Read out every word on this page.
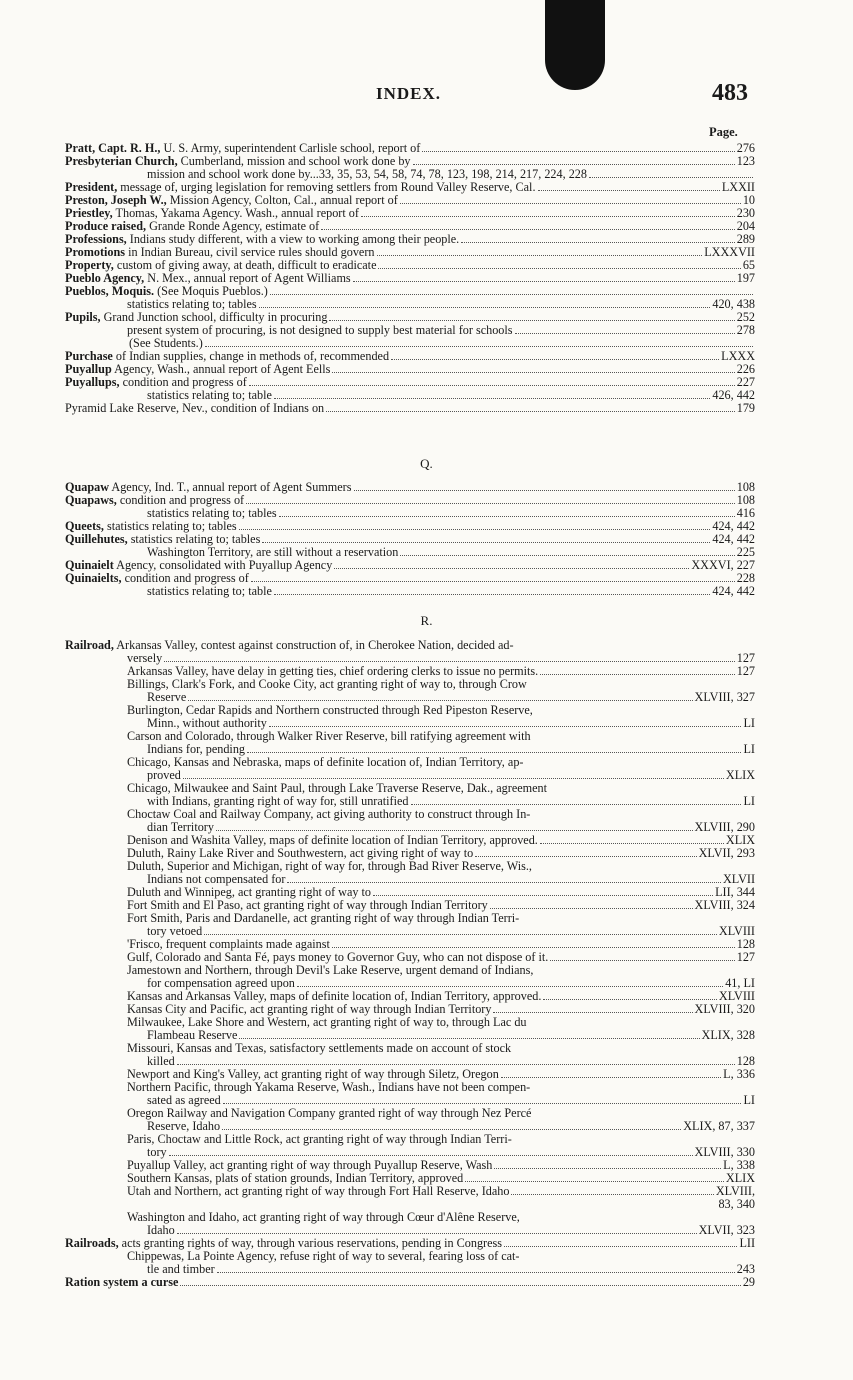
INDEX.	483
Page.
Pratt, Capt. R. H., U. S. Army, superintendent Carlisle school, report of	276
Presbyterian Church, Cumberland, mission and school work done by	123
mission and school work done by...33, 35, 53, 54, 58, 74, 78, 123, 198, 214, 217, 224, 228
President, message of, urging legislation for removing settlers from Round Valley Reserve, Cal.	LXXII
Preston, Joseph W., Mission Agency, Colton, Cal., annual report of	10
Priestley, Thomas, Yakama Agency. Wash., annual report of	230
Produce raised, Grande Ronde Agency, estimate of	204
Professions, Indians study different, with a view to working among their people.	289
Promotions in Indian Bureau, civil service rules should govern	LXXXVII
Property, custom of giving away, at death, difficult to eradicate	65
Pueblo Agency, N. Mex., annual report of Agent Williams	197
Pueblos, Moquis. (See Moquis Pueblos.)
statistics relating to; tables	420, 438
Pupils, Grand Junction school, difficulty in procuring	252
present system of procuring, is not designed to supply best material for schools	278
(See Students.)
Purchase of Indian supplies, change in methods of, recommended	LXXX
Puyallup Agency, Wash., annual report of Agent Eells	226
Puyallups, condition and progress of	227
statistics relating to; table	426, 442
Pyramid Lake Reserve, Nev., condition of Indians on	179
Q.
Quapaw Agency, Ind. T., annual report of Agent Summers	108
Quapaws, condition and progress of	108
statistics relating to; tables	416
Queets, statistics relating to; tables	424, 442
Quillehutes, statistics relating to; tables	424, 442
Washington Territory, are still without a reservation	225
Quinaielt Agency, consolidated with Puyallup Agency	XXXVI, 227
Quinaielts, condition and progress of	228
statistics relating to; table	424, 442
R.
Railroad, Arkansas Valley, contest against construction of, in Cherokee Nation, decided ad-
versely	127
Arkansas Valley, have delay in getting ties, chief ordering clerks to issue no permits.	127
Billings, Clark's Fork, and Cooke City, act granting right of way to, through Crow
Reserve	XLVIII, 327
Burlington, Cedar Rapids and Northern constructed through Red Pipeston Reserve,
Minn., without authority	LI
Carson and Colorado, through Walker River Reserve, bill ratifying agreement with
Indians for, pending	LI
Chicago, Kansas and Nebraska, maps of definite location of, Indian Territory, ap-
proved	XLIX
Chicago, Milwaukee and Saint Paul, through Lake Traverse Reserve, Dak., agreement
with Indians, granting right of way for, still unratified	LI
Choctaw Coal and Railway Company, act giving authority to construct through In-
dian Territory	XLVIII, 290
Denison and Washita Valley, maps of definite location of Indian Territory, approved.	XLIX
Duluth, Rainy Lake River and Southwestern, act giving right of way to	XLVII, 293
Duluth, Superior and Michigan, right of way for, through Bad River Reserve, Wis.,
Indians not compensated for	XLVII
Duluth and Winnipeg, act granting right of way to	LII, 344
Fort Smith and El Paso, act granting right of way through Indian Territory	XLVIII, 324
Fort Smith, Paris and Dardanelle, act granting right of way through Indian Terri-
tory vetoed	XLVIII
'Frisco, frequent complaints made against	128
Gulf, Colorado and Santa Fé, pays money to Governor Guy, who can not dispose of it.	127
Jamestown and Northern, through Devil's Lake Reserve, urgent demand of Indians,
for compensation agreed upon	41, LI
Kansas and Arkansas Valley, maps of definite location of, Indian Territory, approved.	XLVIII
Kansas City and Pacific, act granting right of way through Indian Territory	XLVIII, 320
Milwaukee, Lake Shore and Western, act granting right of way to, through Lac du
Flambeau Reserve	XLIX, 328
Missouri, Kansas and Texas, satisfactory settlements made on account of stock
killed	128
Newport and King's Valley, act granting right of way through Siletz, Oregon	L, 336
Northern Pacific, through Yakama Reserve, Wash., Indians have not been compen-
sated as agreed	LI
Oregon Railway and Navigation Company granted right of way through Nez Percé
Reserve, Idaho	XLIX, 87, 337
Paris, Choctaw and Little Rock, act granting right of way through Indian Terri-
tory	XLVIII, 330
Puyallup Valley, act granting right of way through Puyallup Reserve, Wash	L, 338
Southern Kansas, plats of station grounds, Indian Territory, approved	XLIX
Utah and Northern, act granting right of way through Fort Hall Reserve, Idaho	XLVIII,
83, 340
Washington and Idaho, act granting right of way through Cœur d'Alêne Reserve,
Idaho	XLVII, 323
Railroads, acts granting rights of way, through various reservations, pending in Congress	LII
Chippewas, La Pointe Agency, refuse right of way to several, fearing loss of cat-
tle and timber	243
Ration system a curse	29
